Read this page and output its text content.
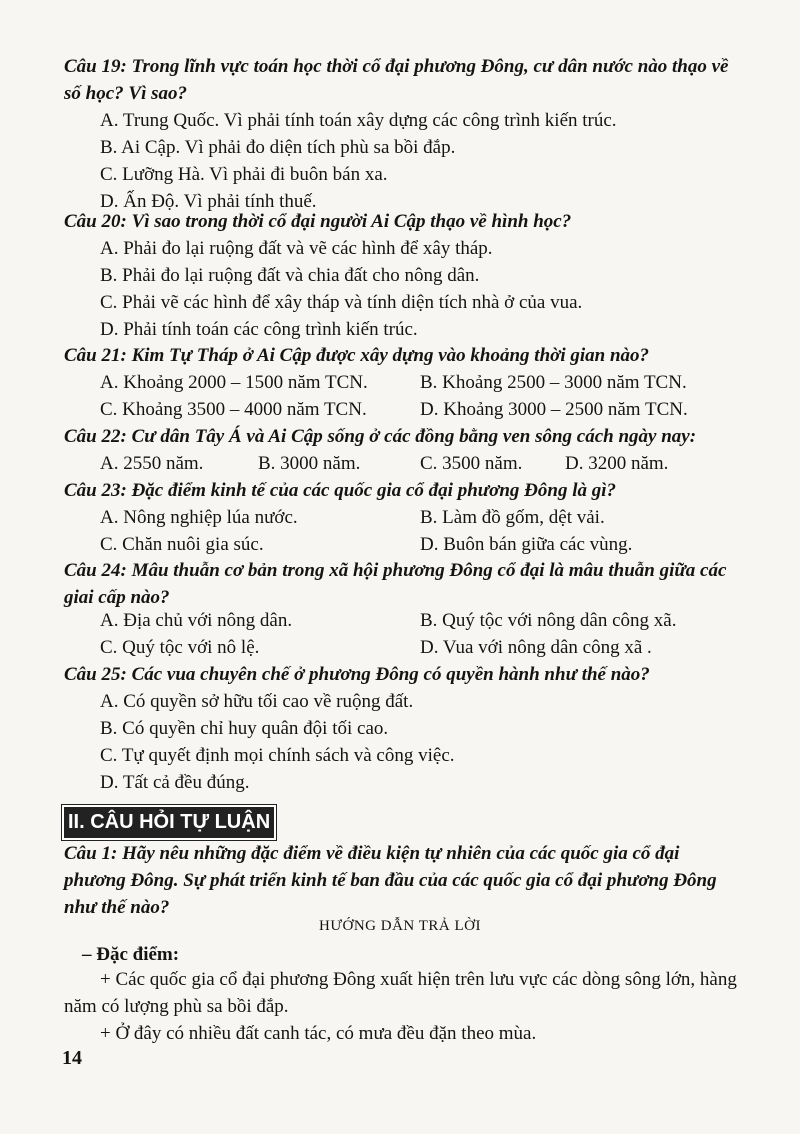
Câu 19: Trong lĩnh vực toán học thời cổ đại phương Đông, cư dân nước nào thạo về số học? Vì sao?
A. Trung Quốc. Vì phải tính toán xây dựng các công trình kiến trúc.
B. Ai Cập. Vì phải đo diện tích phù sa bồi đắp.
C. Lưỡng Hà. Vì phải đi buôn bán xa.
D. Ấn Độ. Vì phải tính thuế.
Câu 20: Vì sao trong thời cổ đại người Ai Cập thạo về hình học?
A. Phải đo lại ruộng đất và vẽ các hình để xây tháp.
B. Phải đo lại ruộng đất và chia đất cho nông dân.
C. Phải vẽ các hình để xây tháp và tính diện tích nhà ở của vua.
D. Phải tính toán các công trình kiến trúc.
Câu 21: Kim Tự Tháp ở Ai Cập được xây dựng vào khoảng thời gian nào?
A. Khoảng 2000 – 1500 năm TCN.	B. Khoảng 2500 – 3000 năm TCN.
C. Khoảng 3500 – 4000 năm TCN.	D. Khoảng 3000 – 2500 năm TCN.
Câu 22: Cư dân Tây Á và Ai Cập sống ở các đồng bằng ven sông cách ngày nay:
A. 2550 năm.	B. 3000 năm.	C. 3500 năm. D. 3200 năm.
Câu 23: Đặc điểm kinh tế của các quốc gia cổ đại phương Đông là gì?
A. Nông nghiệp lúa nước.	B. Làm đồ gốm, dệt vải.
C. Chăn nuôi gia súc.	D. Buôn bán giữa các vùng.
Câu 24: Mâu thuẫn cơ bản trong xã hội phương Đông cổ đại là mâu thuẫn giữa các giai cấp nào?
A. Địa chủ với nông dân.	B. Quý tộc với nông dân công xã.
C. Quý tộc với nô lệ.	D. Vua với nông dân công xã .
Câu 25: Các vua chuyên chế ở phương Đông có quyền hành như thế nào?
A. Có quyền sở hữu tối cao về ruộng đất.
B. Có quyền chỉ huy quân đội tối cao.
C. Tự quyết định mọi chính sách và công việc.
D. Tất cả đều đúng.
II. CÂU HỎI TỰ LUẬN
Câu 1: Hãy nêu những đặc điểm về điều kiện tự nhiên của các quốc gia cổ đại phương Đông. Sự phát triển kinh tế ban đầu của các quốc gia cổ đại phương Đông như thế nào?
HƯỚNG DẪN TRẢ LỜI
– Đặc điểm:
+ Các quốc gia cổ đại phương Đông xuất hiện trên lưu vực các dòng sông lớn, hàng năm có lượng phù sa bồi đắp.
+ Ở đây có nhiều đất canh tác, có mưa đều đặn theo mùa.
14
